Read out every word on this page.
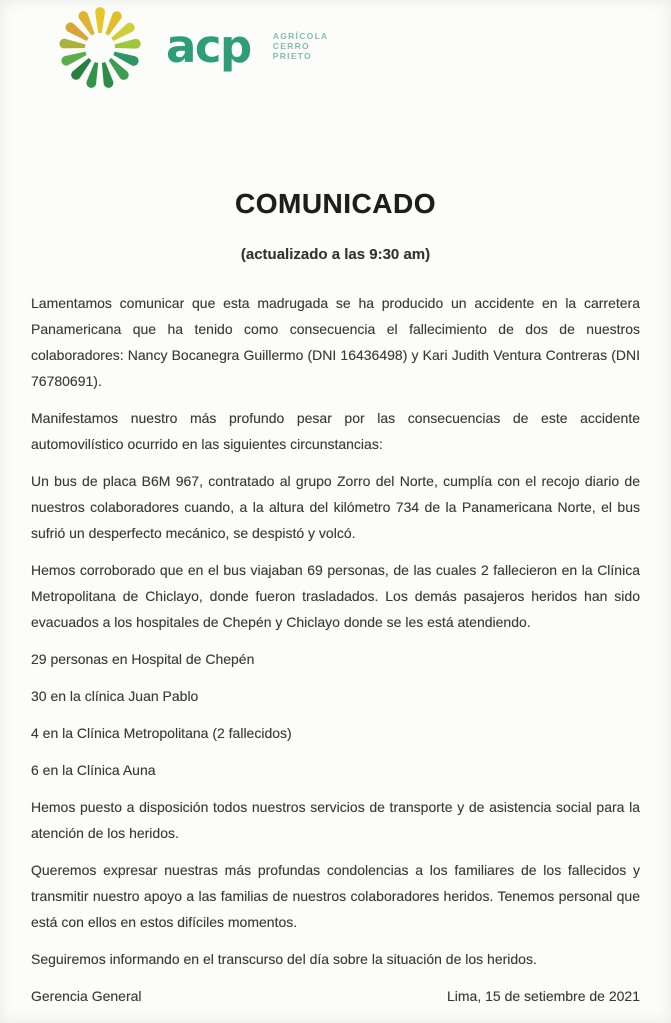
acp	AGRÍCOLA
CERRO
PRIETO
COMUNICADO
(actualizado a las 9:30 am)

Lamentamos comunicar que esta madrugada se ha producido un accidente en la carretera Panamericana que ha tenido como consecuencia el fallecimiento de dos de nuestros colaboradores: Nancy Bocanegra Guillermo (DNI 16436498) y Kari Judith Ventura Contreras (DNI 76780691).

Manifestamos nuestro más profundo pesar por las consecuencias de este accidente automovilístico ocurrido en las siguientes circunstancias:

Un bus de placa B6M 967, contratado al grupo Zorro del Norte, cumplía con el recojo diario de nuestros colaboradores cuando, a la altura del kilómetro 734 de la Panamericana Norte, el bus sufrió un desperfecto mecánico, se despistó y volcó.

Hemos corroborado que en el bus viajaban 69 personas, de las cuales 2 fallecieron en la Clínica Metropolitana de Chiclayo, donde fueron trasladados. Los demás pasajeros heridos han sido evacuados a los hospitales de Chepén y Chiclayo donde se les está atendiendo.

29 personas en Hospital de Chepén

30 en la clínica Juan Pablo

4 en la Clínica Metropolitana (2 fallecidos)

6 en la Clínica Auna

Hemos puesto a disposición todos nuestros servicios de transporte y de asistencia social para la atención de los heridos.

Queremos expresar nuestras más profundas condolencias a los familiares de los fallecidos y transmitir nuestro apoyo a las familias de nuestros colaboradores heridos. Tenemos personal que está con ellos en estos difíciles momentos.

Seguiremos informando en el transcurso del día sobre la situación de los heridos.

Gerencia General	Lima, 15 de setiembre de 2021
